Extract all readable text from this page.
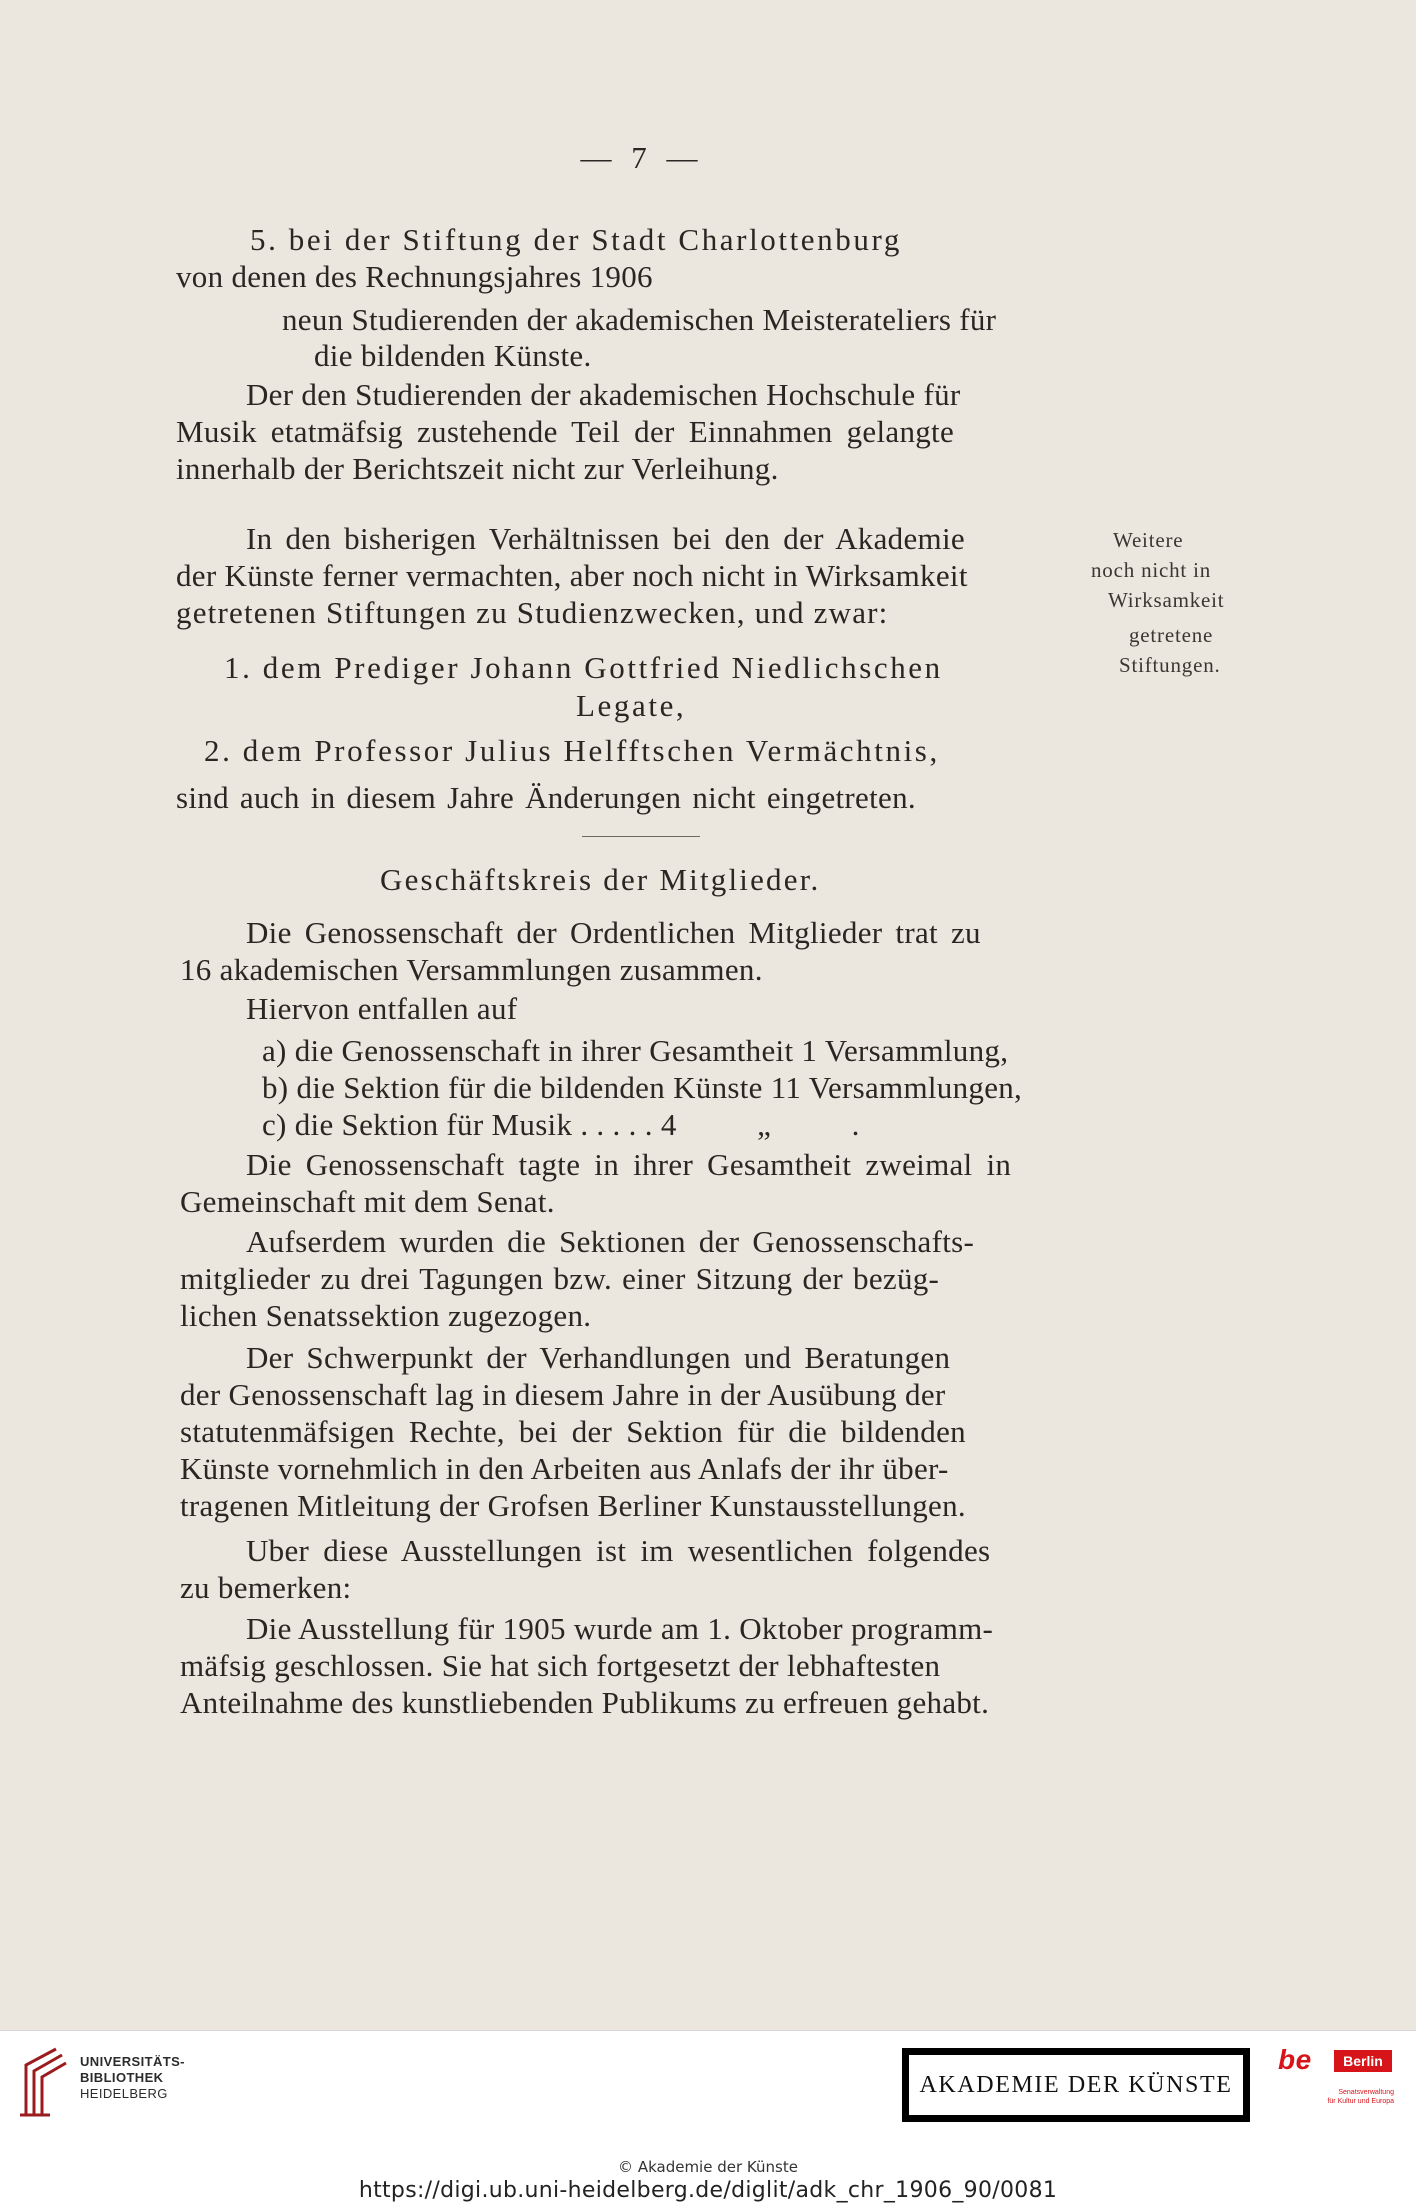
— 7 —
5. bei der Stiftung der Stadt Charlottenburg
von denen des Rechnungsjahres 1906
neun Studierenden der akademischen Meisterateliers für
die bildenden Künste.
Der den Studierenden der akademischen Hochschule für
Musik etatmäfsig zustehende Teil der Einnahmen gelangte
innerhalb der Berichtszeit nicht zur Verleihung.
In den bisherigen Verhältnissen bei den der Akademie
der Künste ferner vermachten, aber noch nicht in Wirksamkeit
getretenen Stiftungen zu Studienzwecken, und zwar:
1. dem Prediger Johann Gottfried Niedlichschen
Legate,
2. dem Professor Julius Helfftschen Vermächtnis,
sind auch in diesem Jahre Änderungen nicht eingetreten.
Weitere
noch nicht in
Wirksamkeit
getretene
Stiftungen.
Geschäftskreis der Mitglieder.
Die Genossenschaft der Ordentlichen Mitglieder trat zu
16 akademischen Versammlungen zusammen.
Hiervon entfallen auf
a) die Genossenschaft in ihrer Gesamtheit 1 Versammlung,
b) die Sektion für die bildenden Künste 11 Versammlungen,
c) die Sektion für Musik . . . . . 4          „          .
Die Genossenschaft tagte in ihrer Gesamtheit zweimal in
Gemeinschaft mit dem Senat.
Aufserdem wurden die Sektionen der Genossenschafts-
mitglieder zu drei Tagungen bzw. einer Sitzung der bezüg-
lichen Senatssektion zugezogen.
Der Schwerpunkt der Verhandlungen und Beratungen
der Genossenschaft lag in diesem Jahre in der Ausübung der
statutenmäfsigen Rechte, bei der Sektion für die bildenden
Künste vornehmlich in den Arbeiten aus Anlafs der ihr über-
tragenen Mitleitung der Grofsen Berliner Kunstausstellungen.
Uber diese Ausstellungen ist im wesentlichen folgendes
zu bemerken:
Die Ausstellung für 1905 wurde am 1. Oktober programm-
mäfsig geschlossen. Sie hat sich fortgesetzt der lebhaftesten
Anteilnahme des kunstliebenden Publikums zu erfreuen gehabt.
UNIVERSITÄTS-
BIBLIOTHEK
HEIDELBERG	AKADEMIE DER KÜNSTE
be	Berlin
Senatsverwaltung
für Kultur und Europa
© Akademie der Künste
https://digi.ub.uni-heidelberg.de/diglit/adk_chr_1906_90/0081
